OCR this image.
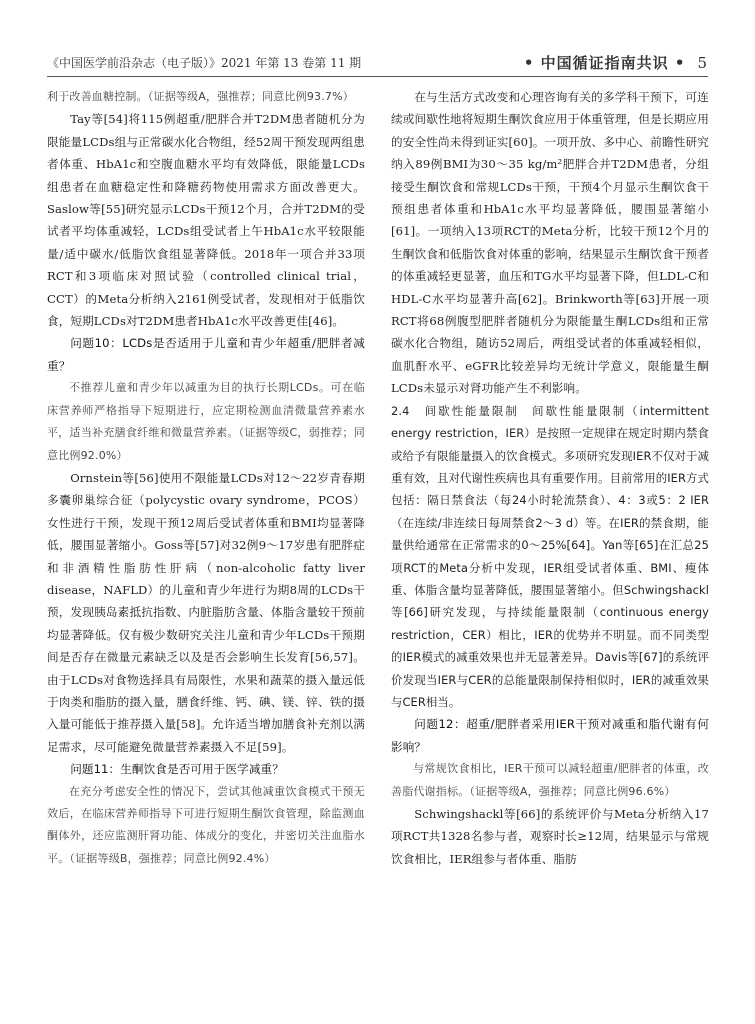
《中国医学前沿杂志（电子版）》2021 年第 13 卷第 11 期	• 中国循证指南共识 • 5

利于改善血糖控制。（证据等级A，强推荐；同意比例93.7%）

Tay等[54]将115例超重/肥胖合并T2DM患者随机分为限能量LCDs组与正常碳水化合物组，经52周干预发现两组患者体重、HbA1c和空腹血糖水平均有效降低，限能量LCDs组患者在血糖稳定性和降糖药物使用需求方面改善更大。Saslow等[55]研究显示LCDs干预12个月，合并T2DM的受试者平均体重减轻，LCDs组受试者上午HbA1c水平较限能量/适中碳水/低脂饮食组显著降低。2018年一项合并33项RCT和3项临床对照试验（controlled clinical trial，CCT）的Meta分析纳入2161例受试者，发现相对于低脂饮食，短期LCDs对T2DM患者HbA1c水平改善更佳[46]。

问题10：LCDs是否适用于儿童和青少年超重/肥胖者减重？

不推荐儿童和青少年以减重为目的执行长期LCDs。可在临床营养师严格指导下短期进行，应定期检测血清微量营养素水平，适当补充膳食纤维和微量营养素。（证据等级C，弱推荐；同意比例92.0%）

Ornstein等[56]使用不限能量LCDs对12～22岁青春期多囊卵巢综合征（polycystic ovary syndrome，PCOS）女性进行干预，发现干预12周后受试者体重和BMI均显著降低，腰围显著缩小。Goss等[57]对32例9～17岁患有肥胖症和非酒精性脂肪性肝病（non-alcoholic fatty liver disease，NAFLD）的儿童和青少年进行为期8周的LCDs干预，发现胰岛素抵抗指数、内脏脂肪含量、体脂含量较干预前均显著降低。仅有极少数研究关注儿童和青少年LCDs干预期间是否存在微量元素缺乏以及是否会影响生长发育[56,57]。由于LCDs对食物选择具有局限性，水果和蔬菜的摄入量远低于肉类和脂肪的摄入量，膳食纤维、钙、碘、镁、锌、铁的摄入量可能低于推荐摄入量[58]。允许适当增加膳食补充剂以满足需求，尽可能避免微量营养素摄入不足[59]。

问题11：生酮饮食是否可用于医学减重？

在充分考虑安全性的情况下，尝试其他减重饮食模式干预无效后，在临床营养师指导下可进行短期生酮饮食管理，除监测血酮体外，还应监测肝肾功能、体成分的变化，并密切关注血脂水平。（证据等级B，强推荐；同意比例92.4%）

在与生活方式改变和心理咨询有关的多学科干预下，可连续或间歇性地将短期生酮饮食应用于体重管理，但是长期应用的安全性尚未得到证实[60]。一项开放、多中心、前瞻性研究纳入89例BMI为30～35 kg/m²肥胖合并T2DM患者，分组接受生酮饮食和常规LCDs干预，干预4个月显示生酮饮食干预组患者体重和HbA1c水平均显著降低，腰围显著缩小[61]。一项纳入13项RCT的Meta分析，比较干预12个月的生酮饮食和低脂饮食对体重的影响，结果显示生酮饮食干预者的体重减轻更显著，血压和TG水平均显著下降，但LDL-C和HDL-C水平均显著升高[62]。Brinkworth等[63]开展一项RCT将68例腹型肥胖者随机分为限能量生酮LCDs组和正常碳水化合物组，随访52周后，两组受试者的体重减轻相似，血肌酐水平、eGFR比较差异均无统计学意义，限能量生酮LCDs未显示对肾功能产生不利影响。

2.4　间歇性能量限制　间歇性能量限制（intermittent energy restriction，IER）是按照一定规律在规定时期内禁食或给予有限能量摄入的饮食模式。多项研究发现IER不仅对于减重有效，且对代谢性疾病也具有重要作用。目前常用的IER方式包括：隔日禁食法（每24小时轮流禁食）、4：3或5：2 IER（在连续/非连续日每周禁食2～3 d）等。在IER的禁食期，能量供给通常在正常需求的0～25%[64]。Yan等[65]在汇总25项RCT的Meta分析中发现，IER组受试者体重、BMI、瘦体重、体脂含量均显著降低，腰围显著缩小。但Schwingshackl等[66]研究发现，与持续能量限制（continuous energy restriction，CER）相比，IER的优势并不明显。而不同类型的IER模式的减重效果也并无显著差异。Davis等[67]的系统评价发现当IER与CER的总能量限制保持相似时，IER的减重效果与CER相当。

问题12：超重/肥胖者采用IER干预对减重和脂代谢有何影响？

与常规饮食相比，IER干预可以减轻超重/肥胖者的体重，改善脂代谢指标。（证据等级A，强推荐；同意比例96.6%）

Schwingshackl等[66]的系统评价与Meta分析纳入17项RCT共1328名参与者，观察时长≥12周，结果显示与常规饮食相比，IER组参与者体重、脂肪
